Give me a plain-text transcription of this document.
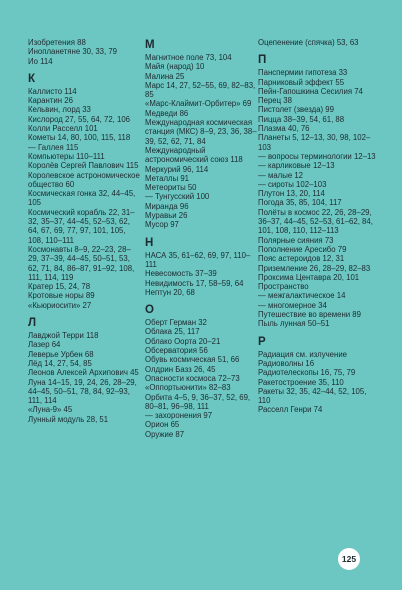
Изобретения 88
Инопланетяне 30, 33, 79
Ио 114
К
Каллисто 114
Карантин 26
Кельвин, лорд 33
Кислород 27, 55, 64, 72, 106
Колли Расселл 101
Кометы 14, 80, 100, 115, 118
— Галлея 115
Компьютеры 110–111
Королёв Сергей Павлович 115
Королевское астрономическое общество 60
Космическая гонка 32, 44–45, 105
Космический корабль 22, 31–32, 35–37, 44–45, 52–53, 62, 64, 67, 69, 77, 97, 101, 105, 108, 110–111
Космонавты 8–9, 22–23, 28–29, 37–39, 44–45, 50–51, 53, 62, 71, 84, 86–87, 91–92, 108, 111, 114, 119
Кратер 15, 24, 78
Кротовые норы 89
«Кьюриосити» 27
Л
Лавджой Терри 118
Лазер 64
Леверье Урбен 68
Лёд 14, 27, 54, 85
Леонов Алексей Архипович 45
Луна 14–15, 19, 24, 26, 28–29, 44–45, 50–51, 78, 84, 92–93, 111, 114
«Луна-9» 45
Лунный модуль 28, 51
М
Магнитное поле 73, 104
Майя (народ) 10
Малина 25
Марс 14, 27, 52–55, 69, 82–83, 85
«Марс-Клаймит-Орбитер» 69
Медведи 86
Международная космическая станция (МКС) 8–9, 23, 36, 38–39, 52, 62, 71, 84
Международный астрономический союз 118
Меркурий 96, 114
Металлы 91
Метеориты 50
— Тунгусский 100
Миранда 96
Муравьи 26
Мусор 97
Н
НАСА 35, 61–62, 69, 97, 110–111
Невесомость 37–39
Невидимость 17, 58–59, 64
Нептун 20, 68
О
Оберт Герман 32
Облака 25, 117
Облако Оорта 20–21
Обсерватория 56
Обувь космическая 51, 66
Олдрин Базз 26, 45
Опасности космоса 72–73
«Оппортьюнити» 82–83
Орбита 4–5, 9, 36–37, 52, 69, 80–81, 96–98, 111
— захоронения 97
Орион 65
Оружие 87
Оцепенение (спячка) 53, 63
П
Панспермии гипотеза 33
Парниковый эффект 55
Пейн-Гапошкина Сесилия 74
Перец 38
Пистолет (звезда) 99
Пицца 38–39, 54, 61, 88
Плазма 40, 76
Планеты 5, 12–13, 30, 98, 102–103
— вопросы терминологии 12–13
— карликовые 12–13
— малые 12
— сироты 102–103
Плутон 13, 20, 114
Погода 35, 85, 104, 117
Полёты в космос 22, 26, 28–29, 36–37, 44–45, 52–53, 61–62, 84, 101, 108, 110, 112–113
Полярные сияния 73
Пополнение Аресибо 79
Пояс астероидов 12, 31
Приземление 26, 28–29, 82–83
Проксима Центавра 20, 101
Пространство
— межгалактическое 14
— многомерное 34
Путешествие во времени 89
Пыль лунная 50–51
Р
Радиация см. излучение
Радиоволны 16
Радиотелескопы 16, 75, 79
Ракетостроение 35, 110
Ракеты 32, 35, 42–44, 52, 105, 110
Расселл Генри 74
125
